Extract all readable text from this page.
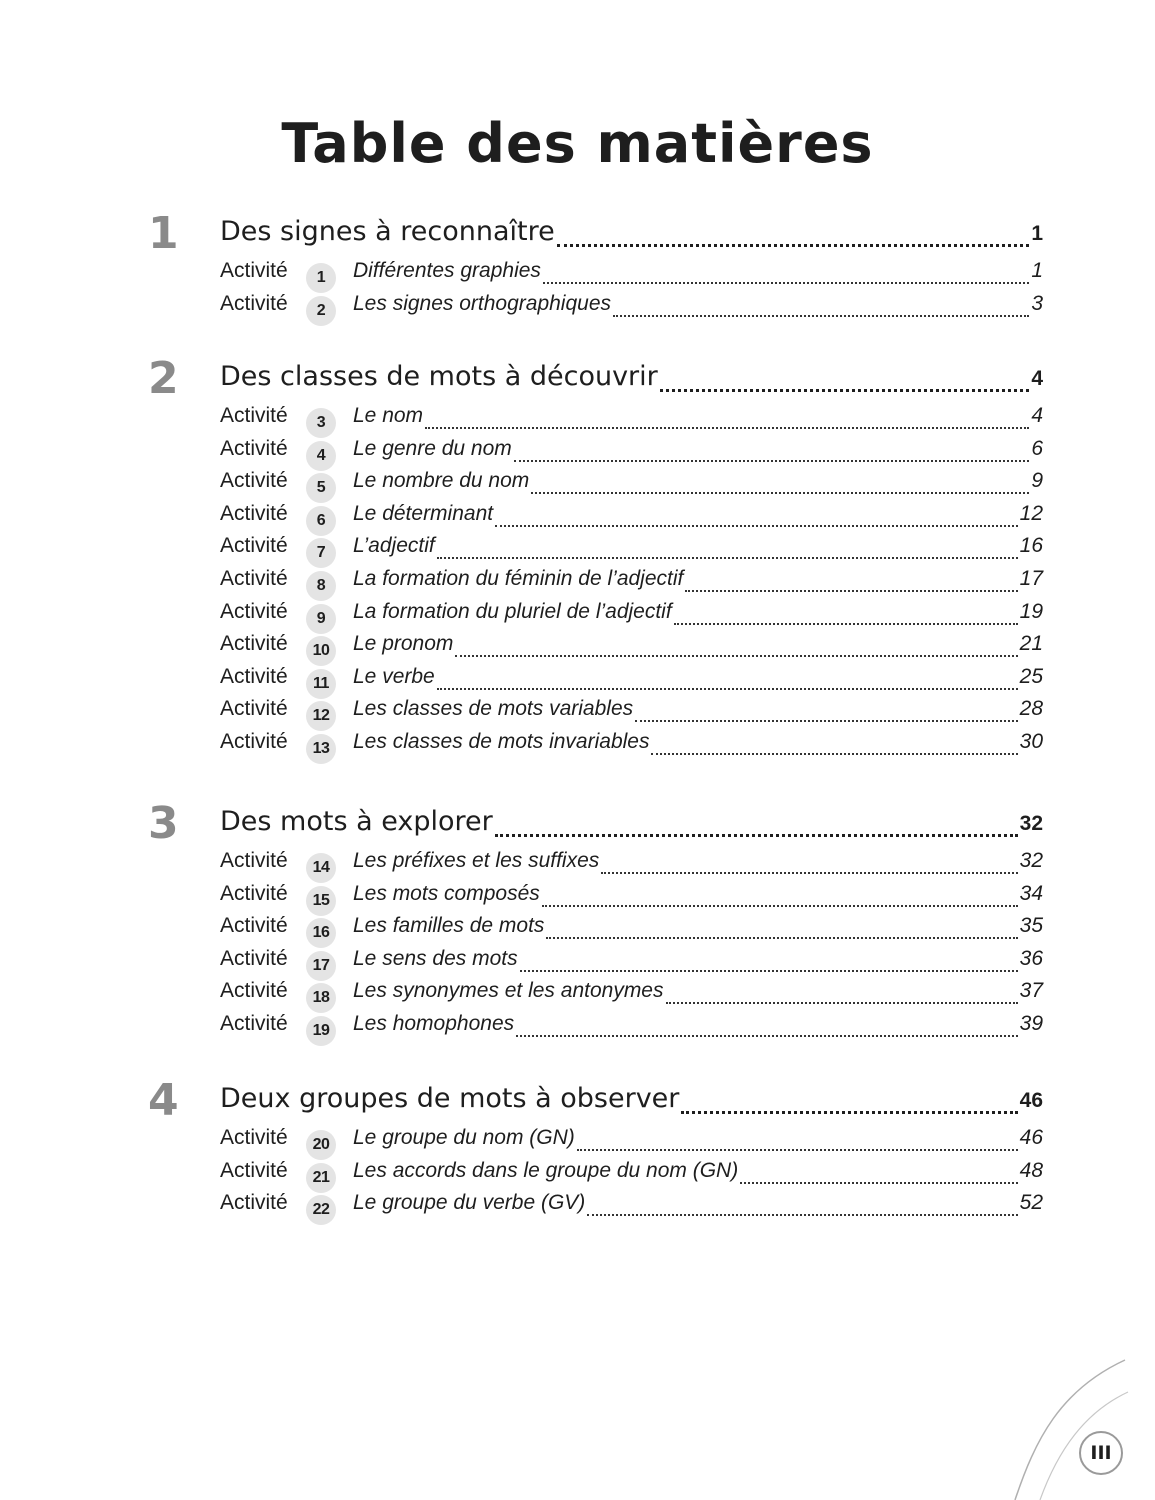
Table des matières
1	Des signes à reconnaître	1
Activité	1	Différentes graphies	1
Activité	2	Les signes orthographiques	3
2	Des classes de mots à découvrir	4
Activité	3	Le nom	4
Activité	4	Le genre du nom	6
Activité	5	Le nombre du nom	9
Activité	6	Le déterminant	12
Activité	7	L’adjectif	16
Activité	8	La formation du féminin de l’adjectif	17
Activité	9	La formation du pluriel de l’adjectif	19
Activité	10	Le pronom	21
Activité	11	Le verbe	25
Activité	12	Les classes de mots variables	28
Activité	13	Les classes de mots invariables	30
3	Des mots à explorer	32
Activité	14	Les préfixes et les suffixes	32
Activité	15	Les mots composés	34
Activité	16	Les familles de mots	35
Activité	17	Le sens des mots	36
Activité	18	Les synonymes et les antonymes	37
Activité	19	Les homophones	39
4	Deux groupes de mots à observer	46
Activité	20	Le groupe du nom (GN)	46
Activité	21	Les accords dans le groupe du nom (GN)	48
Activité	22	Le groupe du verbe (GV)	52
III
